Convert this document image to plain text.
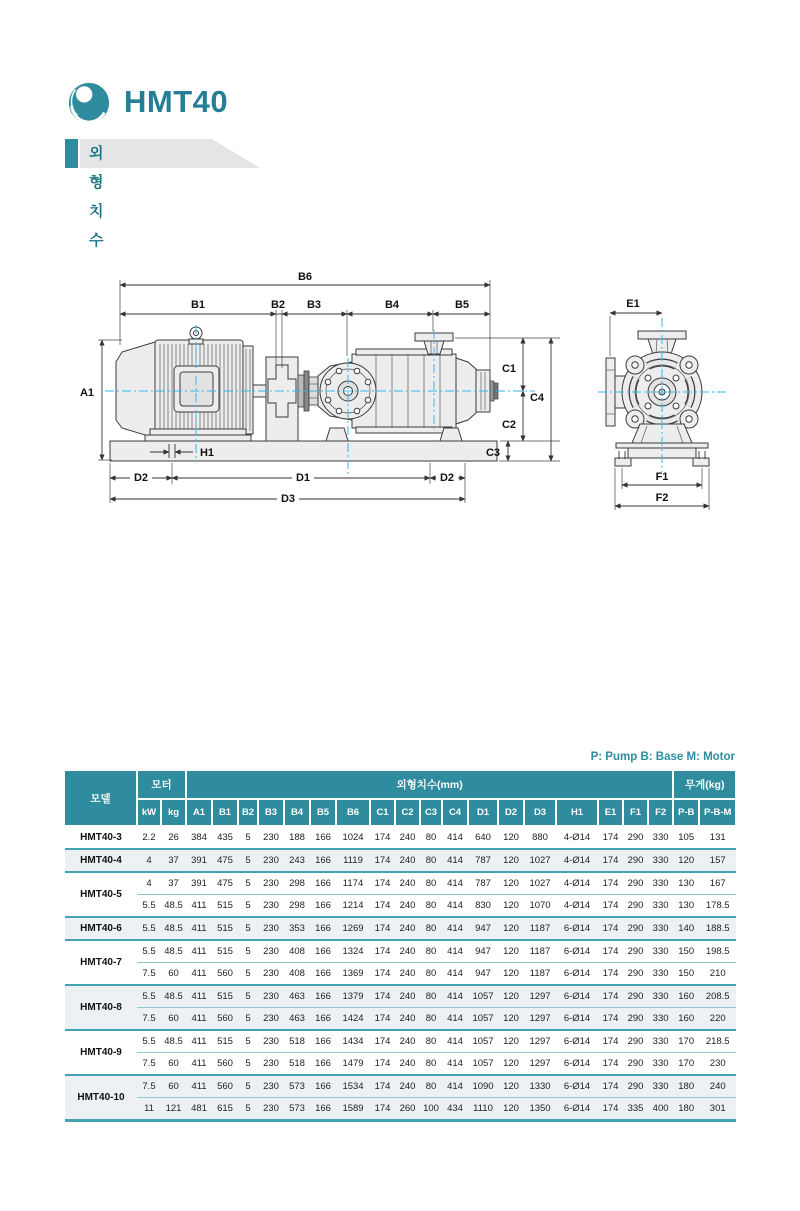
HMT40
외형치수
B6
B1	B2 B3	B4	B5
A1
C1
C2
C4
C3
H1
D2	D1	D2
D3
E1
F1
F2
P: Pump B: Base M: Motor
모델	모터		외형치수(mm)																		무게(kg)	
	kW	kg	A1	B1	B2	B3	B4	B5	B6	C1	C2	C3	C4	D1	D2	D3	H1	E1	F1	F2	P-B	P-B-M
HMT40-3	2.2	26	384	435	5	230	188	166	1024	174	240	80	414	640	120	880	4-Ø14	174	290	330	105	131
HMT40-4	4	37	391	475	5	230	243	166	1119	174	240	80	414	787	120	1027	4-Ø14	174	290	330	120	157
HMT40-5	4	37	391	475	5	230	298	166	1174	174	240	80	414	787	120	1027	4-Ø14	174	290	330	130	167
	5.5	48.5	411	515	5	230	298	166	1214	174	240	80	414	830	120	1070	4-Ø14	174	290	330	130	178.5
HMT40-6	5.5	48.5	411	515	5	230	353	166	1269	174	240	80	414	947	120	1187	6-Ø14	174	290	330	140	188.5
HMT40-7	5.5	48.5	411	515	5	230	408	166	1324	174	240	80	414	947	120	1187	6-Ø14	174	290	330	150	198.5
	7.5	60	411	560	5	230	408	166	1369	174	240	80	414	947	120	1187	6-Ø14	174	290	330	150	210
HMT40-8	5.5	48.5	411	515	5	230	463	166	1379	174	240	80	414	1057	120	1297	6-Ø14	174	290	330	160	208.5
	7.5	60	411	560	5	230	463	166	1424	174	240	80	414	1057	120	1297	6-Ø14	174	290	330	160	220
HMT40-9	5.5	48.5	411	515	5	230	518	166	1434	174	240	80	414	1057	120	1297	6-Ø14	174	290	330	170	218.5
	7.5	60	411	560	5	230	518	166	1479	174	240	80	414	1057	120	1297	6-Ø14	174	290	330	170	230
HMT40-10	7.5	60	411	560	5	230	573	166	1534	174	240	80	414	1090	120	1330	6-Ø14	174	290	330	180	240
	11	121	481	615	5	230	573	166	1589	174	260	100	434	1110	120	1350	6-Ø14	174	335	400	180	301
